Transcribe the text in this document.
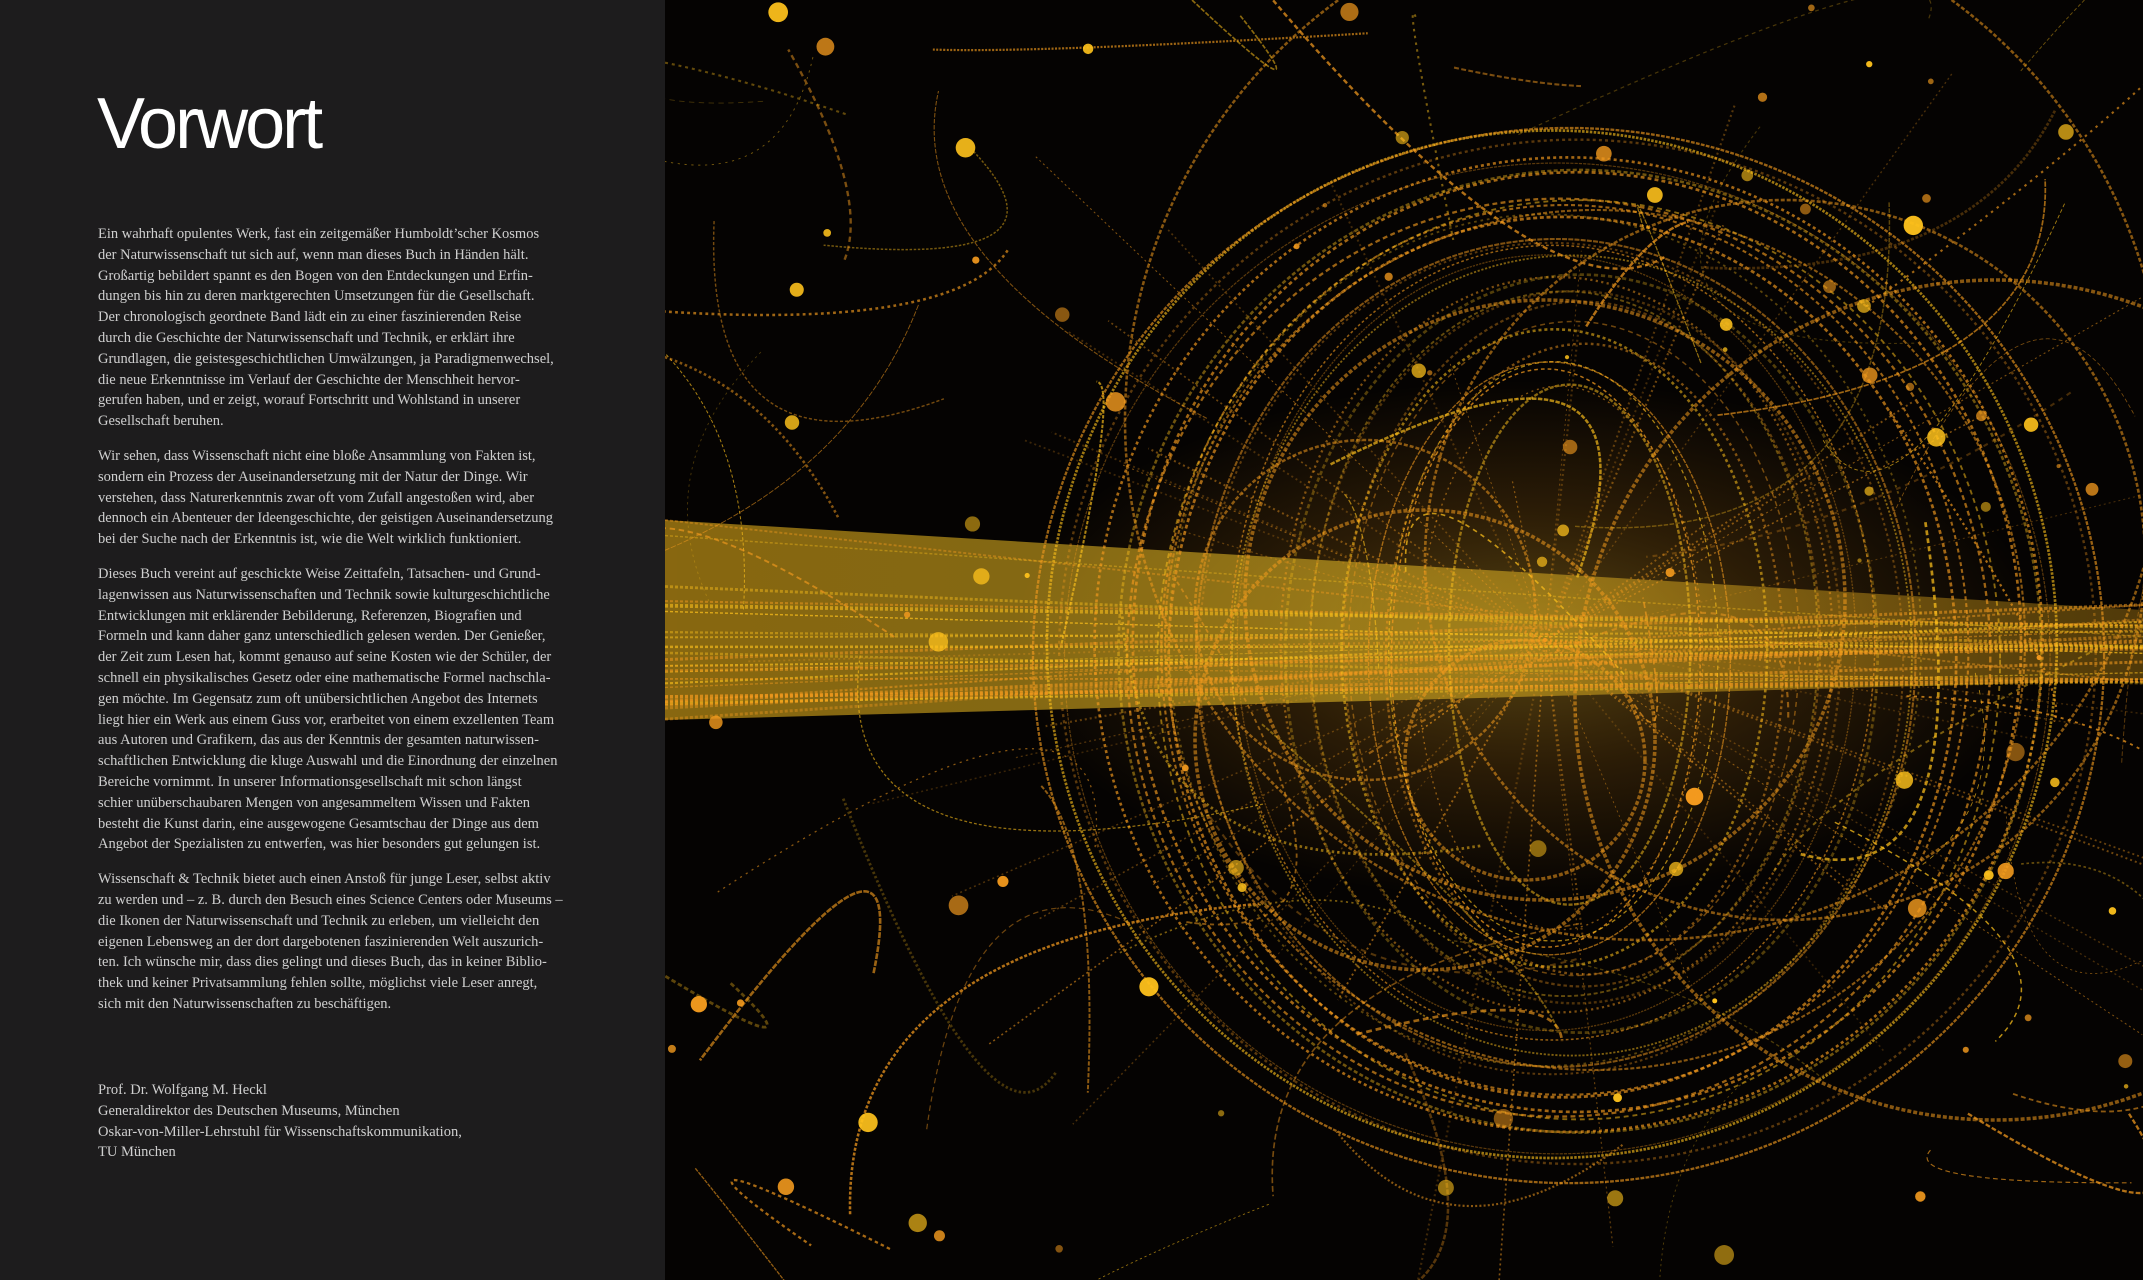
Vorwort

Ein wahrhaft opulentes Werk, fast ein zeitgemäßer Humboldt’scher Kosmos
der Naturwissenschaft tut sich auf, wenn man dieses Buch in Händen hält.
Großartig bebildert spannt es den Bogen von den Entdeckungen und Erfin-
dungen bis hin zu deren marktgerechten Umsetzungen für die Gesellschaft.
Der chronologisch geordnete Band lädt ein zu einer faszinierenden Reise
durch die Geschichte der Naturwissenschaft und Technik, er erklärt ihre
Grundlagen, die geistesgeschichtlichen Umwälzungen, ja Paradigmenwechsel,
die neue Erkenntnisse im Verlauf der Geschichte der Menschheit hervor-
gerufen haben, und er zeigt, worauf Fortschritt und Wohlstand in unserer
Gesellschaft beruhen.

Wir sehen, dass Wissenschaft nicht eine bloße Ansammlung von Fakten ist,
sondern ein Prozess der Auseinandersetzung mit der Natur der Dinge. Wir
verstehen, dass Naturerkenntnis zwar oft vom Zufall angestoßen wird, aber
dennoch ein Abenteuer der Ideengeschichte, der geistigen Auseinandersetzung
bei der Suche nach der Erkenntnis ist, wie die Welt wirklich funktioniert.

Dieses Buch vereint auf geschickte Weise Zeittafeln, Tatsachen- und Grund-
lagenwissen aus Naturwissenschaften und Technik sowie kulturgeschichtliche
Entwicklungen mit erklärender Bebilderung, Referenzen, Biografien und
Formeln und kann daher ganz unterschiedlich gelesen werden. Der Genießer,
der Zeit zum Lesen hat, kommt genauso auf seine Kosten wie der Schüler, der
schnell ein physikalisches Gesetz oder eine mathematische Formel nachschla-
gen möchte. Im Gegensatz zum oft unübersichtlichen Angebot des Internets
liegt hier ein Werk aus einem Guss vor, erarbeitet von einem exzellenten Team
aus Autoren und Grafikern, das aus der Kenntnis der gesamten naturwissen-
schaftlichen Entwicklung die kluge Auswahl und die Einordnung der einzelnen
Bereiche vornimmt. In unserer Informationsgesellschaft mit schon längst
schier unüberschaubaren Mengen von angesammeltem Wissen und Fakten
besteht die Kunst darin, eine ausgewogene Gesamtschau der Dinge aus dem
Angebot der Spezialisten zu entwerfen, was hier besonders gut gelungen ist.

Wissenschaft & Technik bietet auch einen Anstoß für junge Leser, selbst aktiv
zu werden und – z. B. durch den Besuch eines Science Centers oder Museums –
die Ikonen der Naturwissenschaft und Technik zu erleben, um vielleicht den
eigenen Lebensweg an der dort dargebotenen faszinierenden Welt auszurich-
ten. Ich wünsche mir, dass dies gelingt und dieses Buch, das in keiner Biblio-
thek und keiner Privatsammlung fehlen sollte, möglichst viele Leser anregt,
sich mit den Naturwissenschaften zu beschäftigen.

Prof. Dr. Wolfgang M. Heckl
Generaldirektor des Deutschen Museums, München
Oskar-von-Miller-Lehrstuhl für Wissenschaftskommunikation,
TU München
